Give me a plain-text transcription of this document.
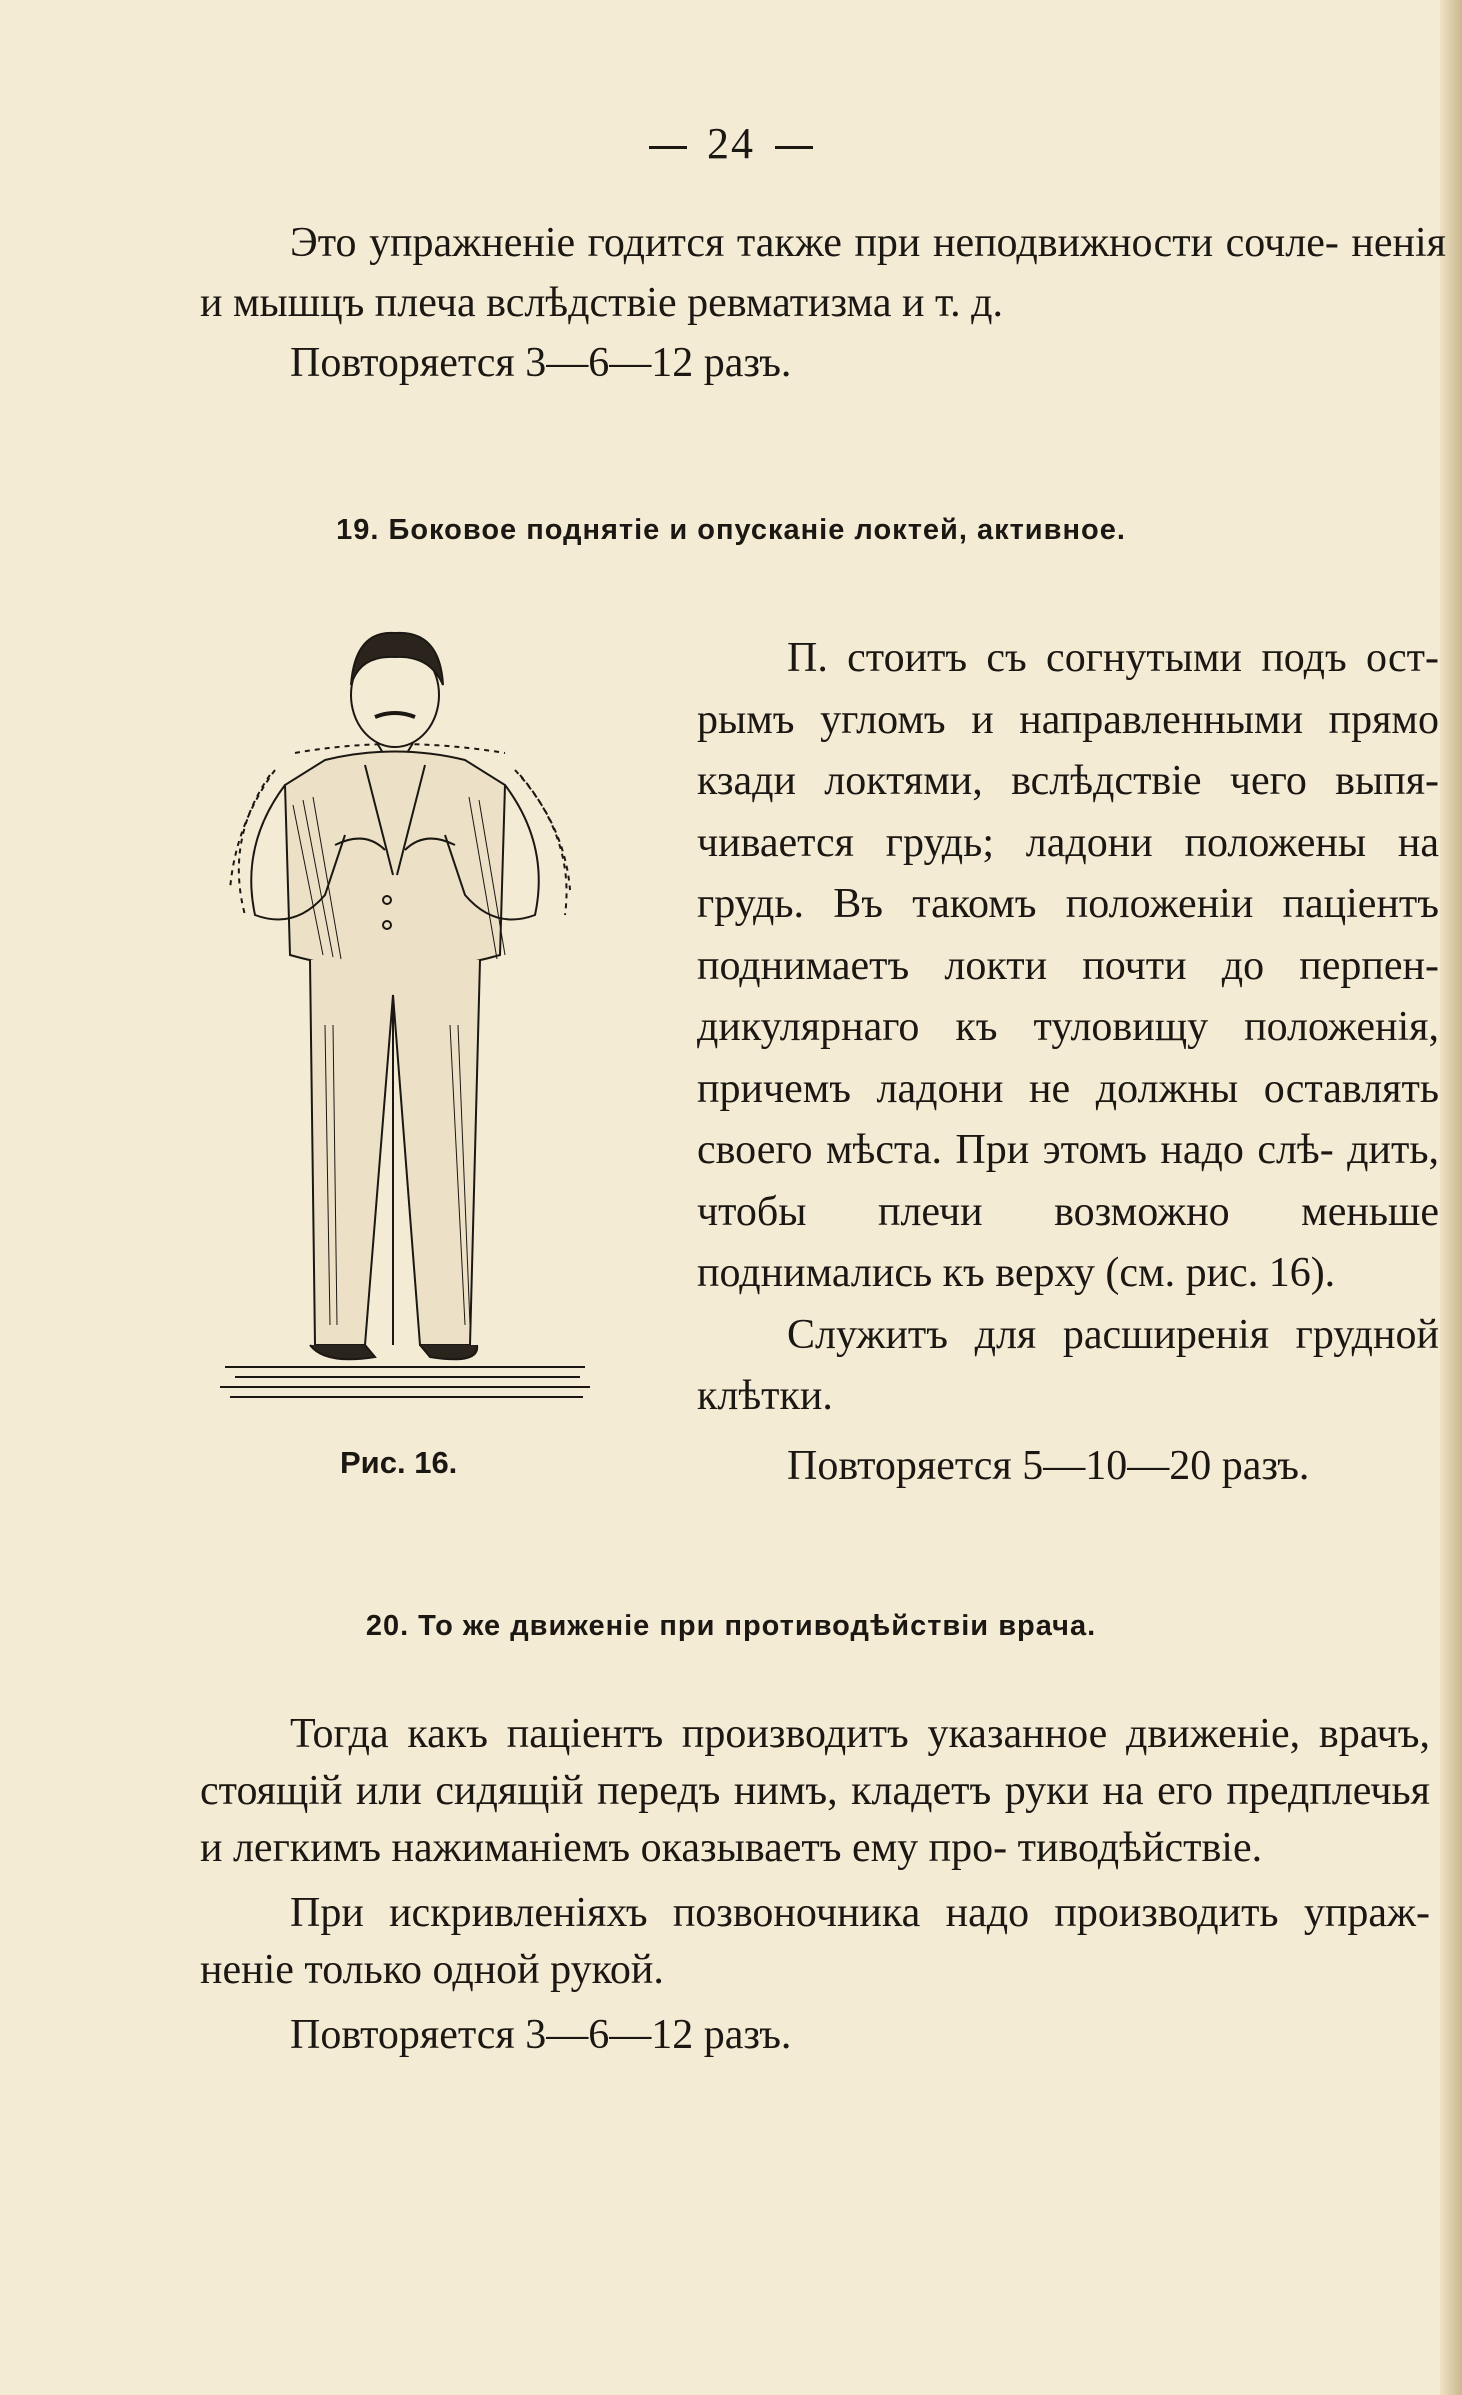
24

Это упражненіе годится также при неподвижности сочле- ненія и мышцъ плеча вслѣдствіе ревматизма и т. д.

Повторяется 3—6—12 разъ.

19. Боковое поднятіе и опусканіе локтей, активное.
Рис. 16.

П. стоитъ съ согнутыми подъ ост- рымъ угломъ и направленными прямо кзади локтями, вслѣдствіе чего выпя- чивается грудь; ладони положены на грудь. Въ такомъ положеніи паціентъ поднимаетъ локти почти до перпен- дикулярнаго къ туловищу положенія, причемъ ладони не должны оставлять своего мѣста. При этомъ надо слѣ- дить, чтобы плечи возможно меньше поднимались къ верху (см. рис. 16).

Служитъ для расширенія грудной клѣтки.

Повторяется 5—10—20 разъ.

20. То же движеніе при противодѣйствіи врача.

Тогда какъ паціентъ производитъ указанное движеніе, врачъ, стоящій или сидящій передъ нимъ, кладетъ руки на его предплечья и легкимъ нажиманіемъ оказываетъ ему про- тиводѣйствіе.

При искривленіяхъ позвоночника надо производить упраж- неніе только одной рукой.

Повторяется 3—6—12 разъ.
